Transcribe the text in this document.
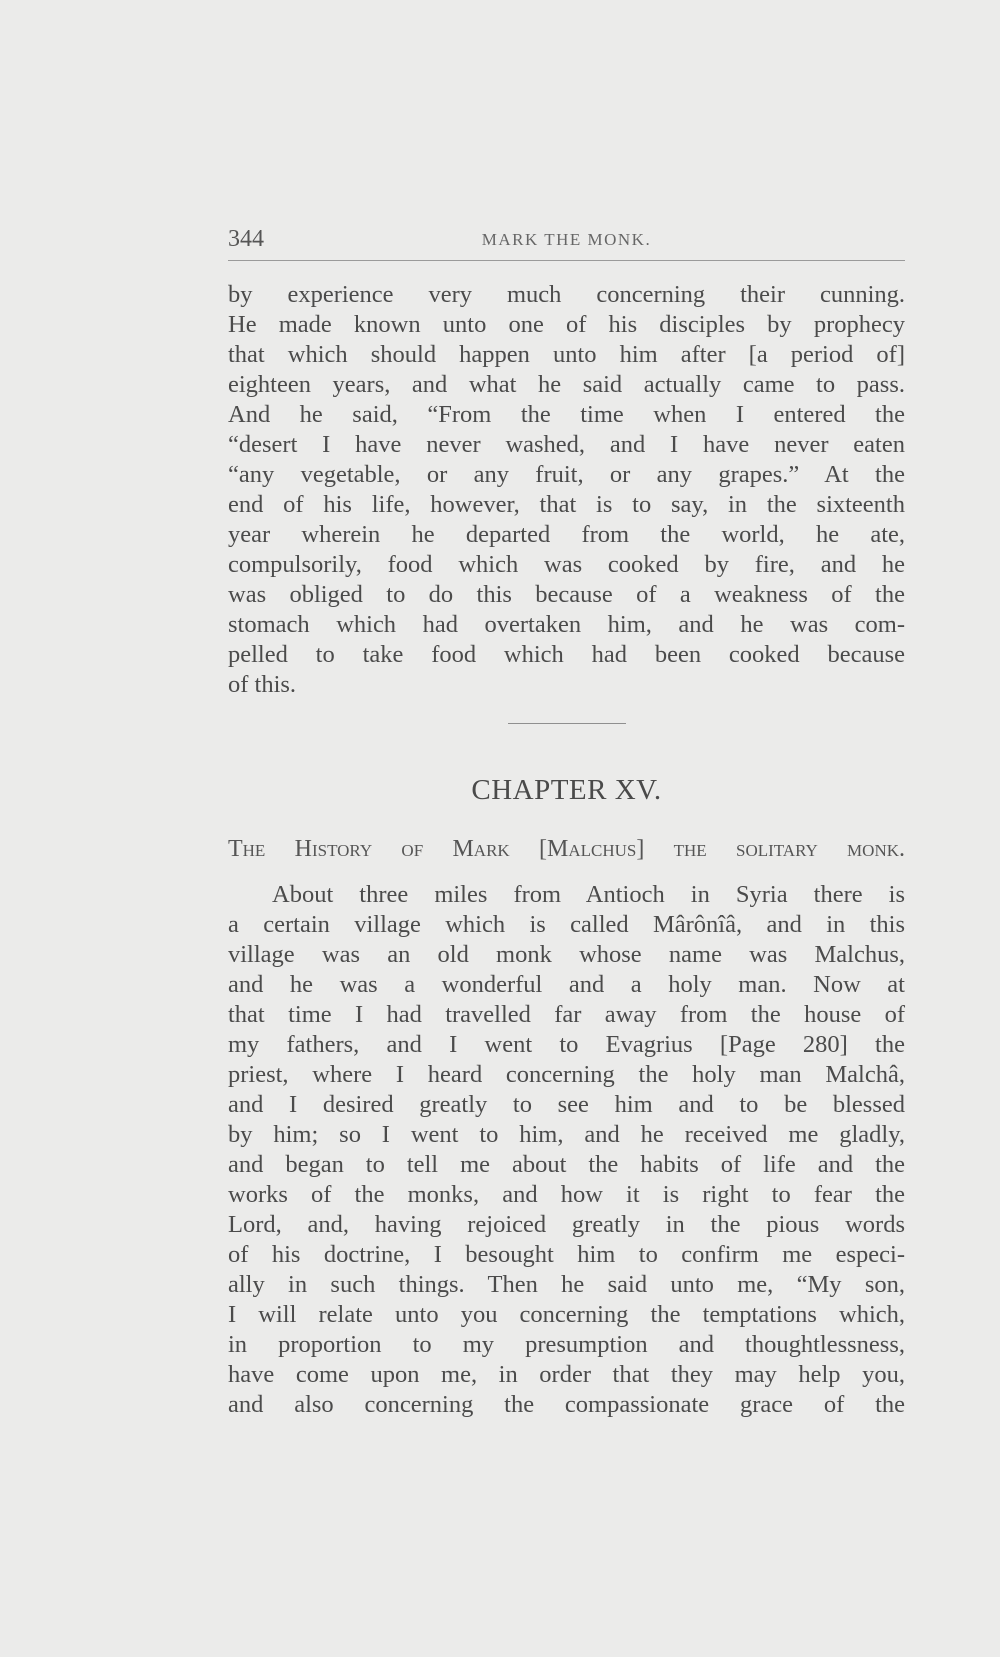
344	MARK THE MONK.
by experience very much concerning their cunning.
He made known unto one of his disciples by prophecy
that which should happen unto him after [a period of]
eighteen years, and what he said actually came to pass.
And he said, “From the time when I entered the
“desert I have never washed, and I have never eaten
“any vegetable, or any fruit, or any grapes.” At the
end of his life, however, that is to say, in the sixteenth
year wherein he departed from the world, he ate,
compulsorily, food which was cooked by fire, and he
was obliged to do this because of a weakness of the
stomach which had overtaken him, and he was com-
pelled to take food which had been cooked because
of this.
CHAPTER XV.
The History of Mark [Malchus] the solitary monk.
About three miles from Antioch in Syria there is
a certain village which is called Mârônîâ, and in this
village was an old monk whose name was Malchus,
and he was a wonderful and a holy man. Now at
that time I had travelled far away from the house of
my fathers, and I went to Evagrius [Page 280] the
priest, where I heard concerning the holy man Malchâ,
and I desired greatly to see him and to be blessed
by him; so I went to him, and he received me gladly,
and began to tell me about the habits of life and the
works of the monks, and how it is right to fear the
Lord, and, having rejoiced greatly in the pious words
of his doctrine, I besought him to confirm me especi-
ally in such things. Then he said unto me, “My son,
I will relate unto you concerning the temptations which,
in proportion to my presumption and thoughtlessness,
have come upon me, in order that they may help you,
and also concerning the compassionate grace of the
